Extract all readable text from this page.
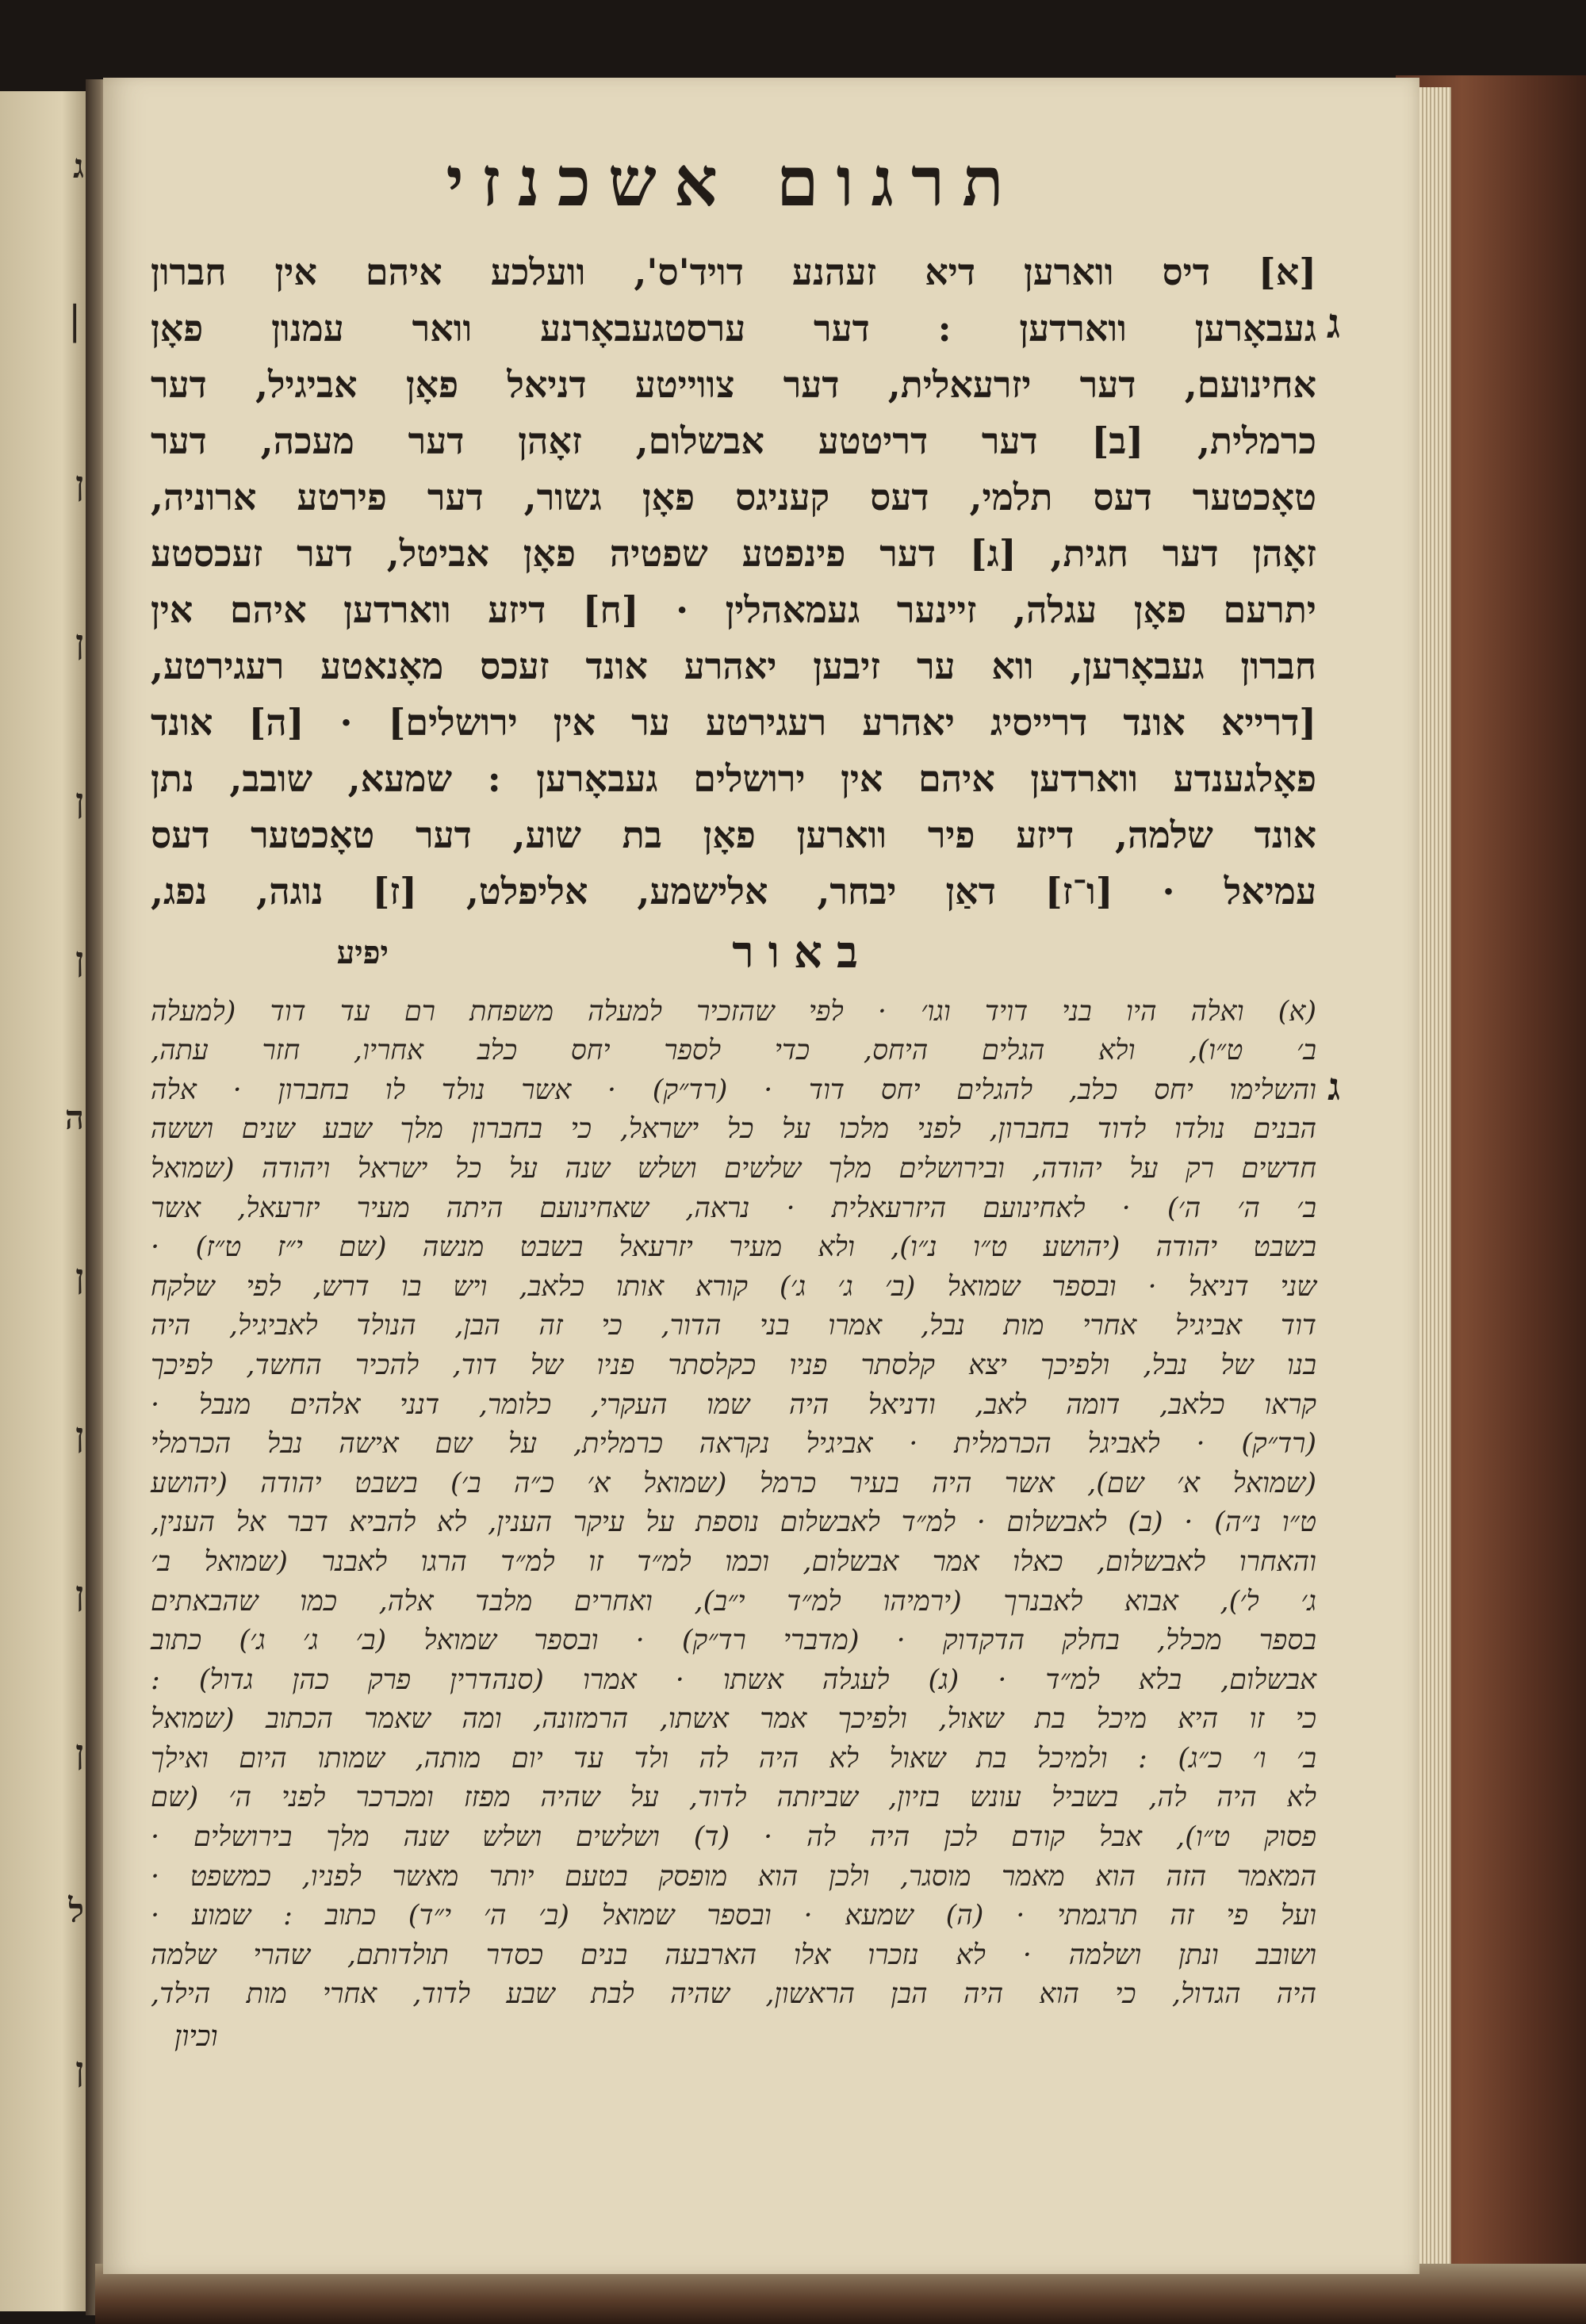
ג
׀
ן
ן
ן
ן
ה
ן
ן
ן
ן
ל
ן
תרגום אשכנזי
ג

[א] דיס ווארען דיא זעהנע דויד'ס', וועלכע איהם אין חברון

געבאָרען ווארדען : דער ערסטגעבאָרנע וואר עמנון פאָן

אחינועם, דער יזרעאלית, דער צווייטע דניאל פאָן אביגיל, דער

כרמלית, [ב] דער דריטטע אבשלום, זאָהן דער מעכה, דער

טאָכטער דעס תלמי, דעס קעניגס פאָן גשור, דער פירטע ארוניה,

זאָהן דער חגית, [ג] דער פינפטע שפטיה פאָן אביטל, דער זעכסטע

יתרעם פאָן עגלה, זיינער געמאהלין · [ח] דיזע ווארדען איהם אין

חברון געבאָרען, ווא ער זיבען יאהרע אונד זעכס מאָנאטע רעגירטע,

[דרייא אונד דרייסיג יאהרע רעגירטע ער אין ירושלים] · [ה] אונד

פאָלגענדע ווארדען איהם אין ירושלים געבאָרען : שמעא, שובב, נתן

אונד שלמה, דיזע פיר ווארען פאָן בת שוע, דער טאָכטער דעס

עמיאל · [ו־ז] דאַן יבחר, אלישמע, אליפלט, [ז] נוגה, נפג,

באור
יפיע
ג

(א) ואלה היו בני דויד וגו׳ · לפי שהזכיר למעלה משפחת רם עד דוד (למעלה

ב׳ ט״ו), ולא הגלים היחס, כדי לספר יחס כלב אחריו, חזר עתה,

והשלימו יחס כלב, להגלים יחס דוד · (רד״ק) · אשר נולד לו בחברון · אלה

הבנים נולדו לדוד בחברון, לפני מלכו על כל ישראל, כי בחברון מלך שבע שנים וששה

חדשים רק על יהודה, ובירושלים מלך שלשים ושלש שנה על כל ישראל ויהודה (שמואל

ב׳ ה׳ ה׳) · לאחינועם היזרעאלית · נראה, שאחינועם היתה מעיר יזרעאל, אשר

בשבט יהודה (יהושע ט״ו נ״ו), ולא מעיר יזרעאל בשבט מנשה (שם י״ז ט״ז) ·

שני דניאל · ובספר שמואל (ב׳ ג׳ ג׳) קורא אותו כלאב, ויש בו דרש, לפי שלקח

דוד אביגיל אחרי מות נבל, אמרו בני הדור, כי זה הבן, הנולד לאביגיל, היה

בנו של נבל, ולפיכך יצא קלסתר פניו כקלסתר פניו של דוד, להכיר החשד, לפיכך

קראו כלאב, דומה לאב, ודניאל היה שמו העקרי, כלומר, דנני אלהים מנבל ·

(רד״ק) · לאביגל הכרמלית · אביגיל נקראה כרמלית, על שם אישה נבל הכרמלי

(שמואל א׳ שם), אשר היה בעיר כרמל (שמואל א׳ כ״ה ב׳) בשבט יהודה (יהושע

ט״ו נ״ה) · (ב) לאבשלום · למ״ד לאבשלום נוספת על עיקר הענין, לא להביא דבר אל הענין,

והאחרו לאבשלום, כאלו אמר אבשלום, וכמו למ״ד זו למ״ד הרגו לאבנר (שמואל ב׳

ג׳ ל׳), אבוא לאבנרך (ירמיהו למ״ד י״ב), ואחרים מלבד אלה, כמו שהבאתים

בספר מכלל, בחלק הדקדוק · (מדברי רד״ק) · ובספר שמואל (ב׳ ג׳ ג׳) כתוב

אבשלום, בלא למ״ד · (ג) לעגלה אשתו · אמרו (סנהדרין פרק כהן גדול) :

כי זו היא מיכל בת שאול, ולפיכך אמר אשתו, הרמזונה, ומה שאמר הכתוב (שמואל

ב׳ ו׳ כ״ג) : ולמיכל בת שאול לא היה לה ולד עד יום מותה, שמותו היום ואילך

לא היה לה, בשביל עונש בזיון, שביזתה לדוד, על שהיה מפזז ומכרכר לפני ה׳ (שם

פסוק ט״ו), אבל קודם לכן היה לה · (ד) ושלשים ושלש שנה מלך בירושלים ·

המאמר הזה הוא מאמר מוסגר, ולכן הוא מופסק בטעם יותר מאשר לפניו, כמשפט ·

ועל פי זה תרגמתי · (ה) שמעא · ובספר שמואל (ב׳ ה׳ י״ד) כתוב : שמוע ·

ושובב ונתן ושלמה · לא נזכרו אלו הארבעה בנים כסדר תולדותם, שהרי שלמה

היה הגדול, כי הוא היה הבן הראשון, שהיה לבת שבע לדוד, אחרי מות הילד,

וכיון
